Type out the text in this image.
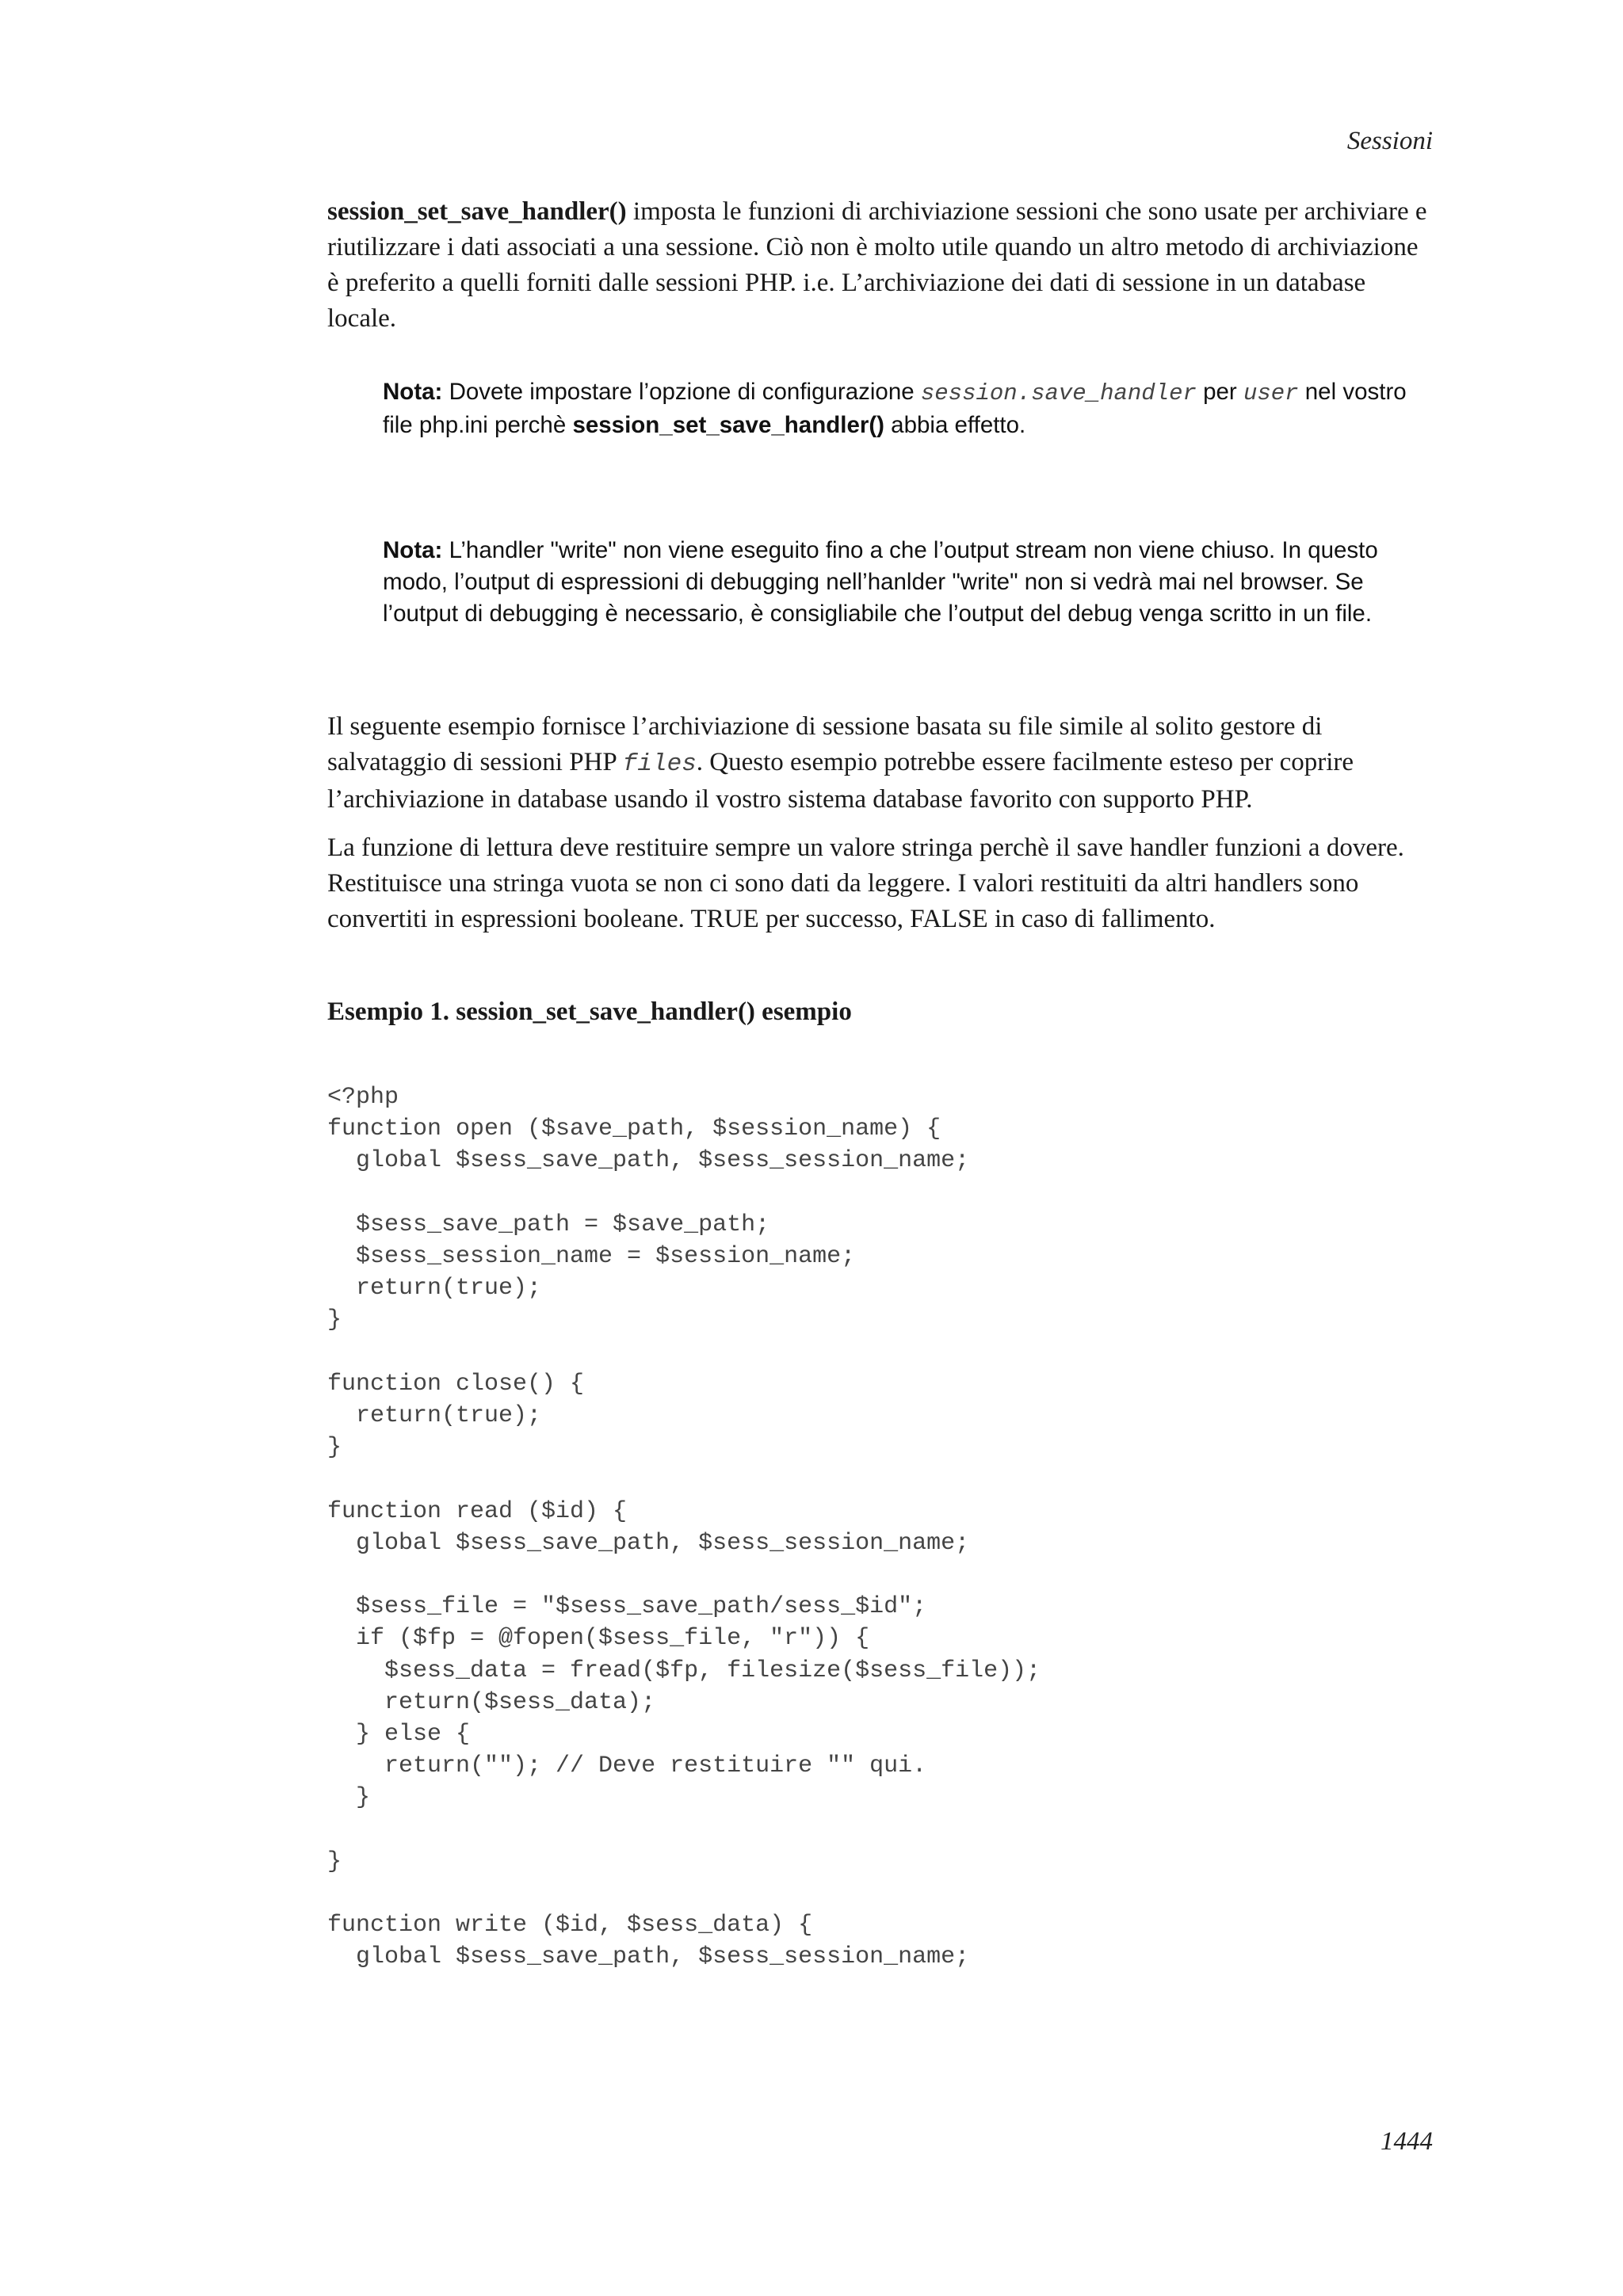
Sessioni

session_set_save_handler() imposta le funzioni di archiviazione sessioni che sono usate per archiviare e riutilizzare i dati associati a una sessione. Ciò non è molto utile quando un altro metodo di archiviazione è preferito a quelli forniti dalle sessioni PHP. i.e. L’archiviazione dei dati di sessione in un database locale.

Nota: Dovete impostare l’opzione di configurazione session.save_handler per user nel vostro file php.ini perchè session_set_save_handler() abbia effetto.
Nota: L’handler "write" non viene eseguito fino a che l’output stream non viene chiuso. In questo modo, l’output di espressioni di debugging nell’hanlder "write" non si vedrà mai nel browser. Se l’output di debugging è necessario, è consigliabile che l’output del debug venga scritto in un file.

Il seguente esempio fornisce l’archiviazione di sessione basata su file simile al solito gestore di salvataggio di sessioni PHP files. Questo esempio potrebbe essere facilmente esteso per coprire l’archiviazione in database usando il vostro sistema database favorito con supporto PHP.

La funzione di lettura deve restituire sempre un valore stringa perchè il save handler funzioni a dovere. Restituisce una stringa vuota se non ci sono dati da leggere. I valori restituiti da altri handlers sono convertiti in espressioni booleane. TRUE per successo, FALSE in caso di fallimento.

Esempio 1. session_set_save_handler() esempio

<?php
function open ($save_path, $session_name) {
global $sess_save_path, $sess_session_name;

$sess_save_path = $save_path;
$sess_session_name = $session_name;
return(true);
}

function close() {
return(true);
}

function read ($id) {
global $sess_save_path, $sess_session_name;

$sess_file = "$sess_save_path/sess_$id";
if ($fp = @fopen($sess_file, "r")) {
$sess_data = fread($fp, filesize($sess_file));
return($sess_data);
} else {
return(""); // Deve restituire "" qui.
}

}

function write ($id, $sess_data) {
global $sess_save_path, $sess_session_name;
1444
